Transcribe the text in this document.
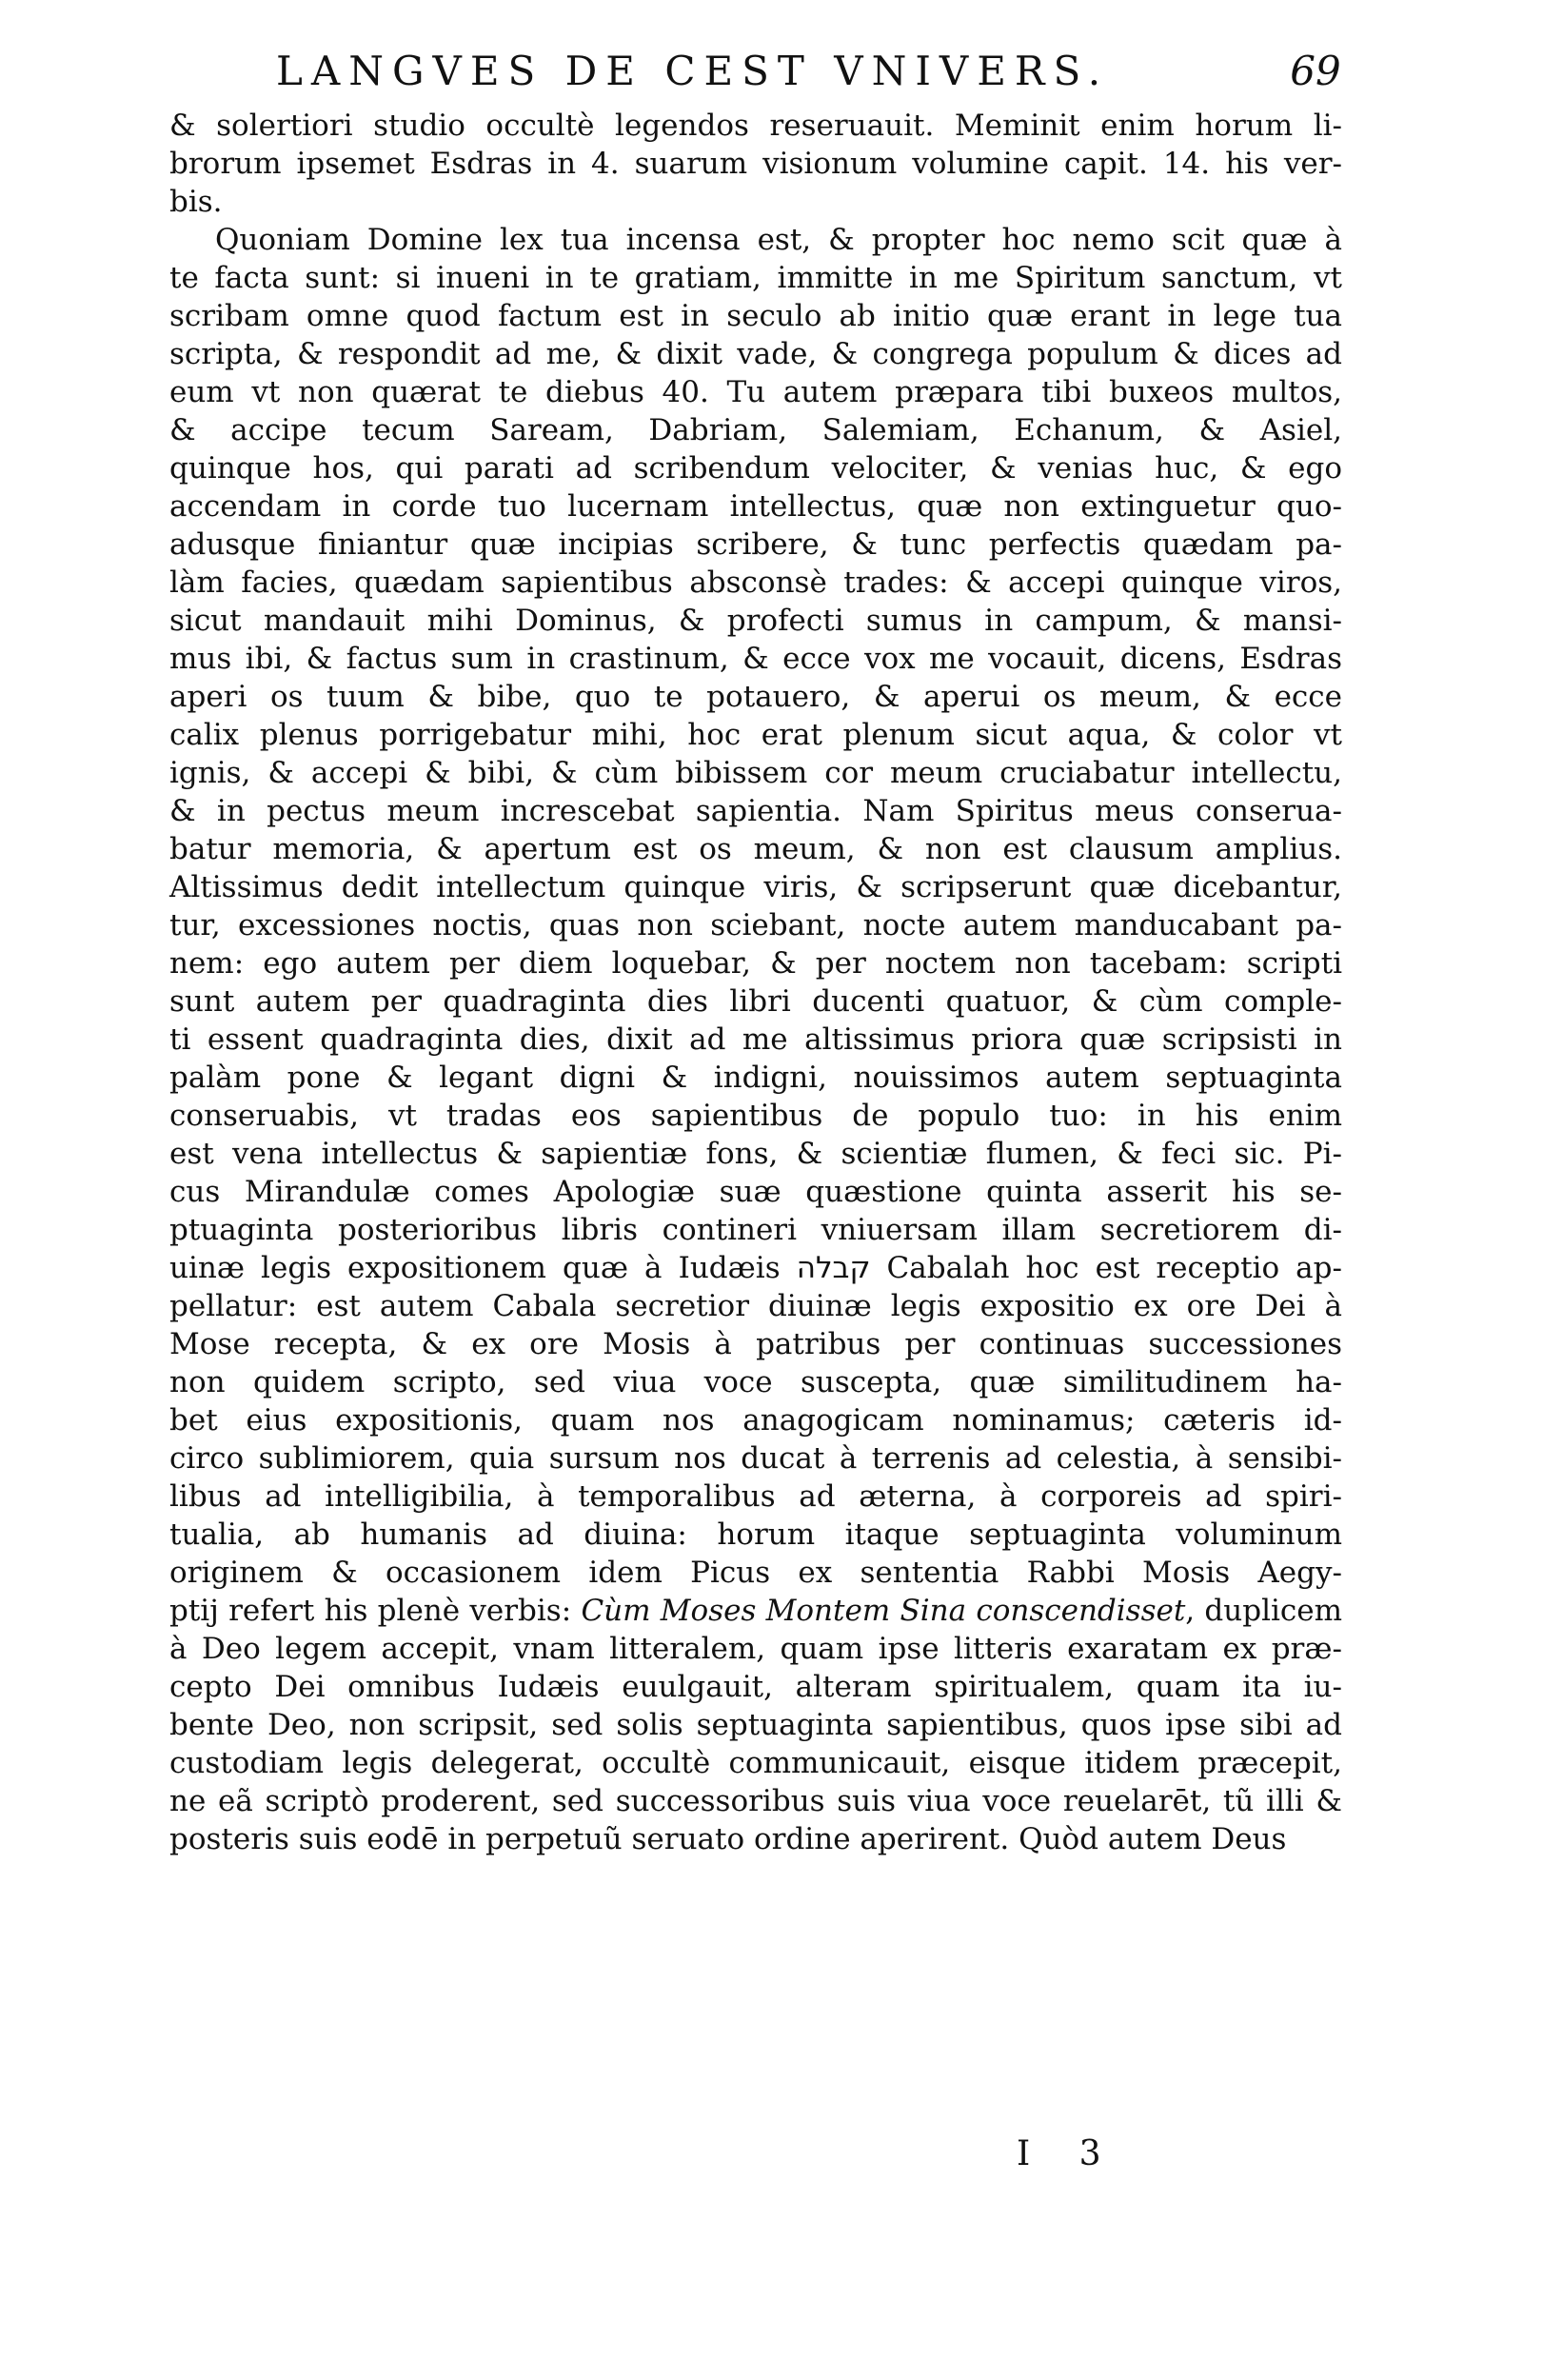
LANGVES DE CEST VNIVERS.	69
& solertiori studio occultè legendos reseruauit. Meminit enim horum li-
brorum ipsemet Esdras in 4. suarum visionum volumine capit. 14. his ver-
bis.
Quoniam Domine lex tua incensa est, & propter hoc nemo scit quæ à
te facta sunt: si inueni in te gratiam, immitte in me Spiritum sanctum, vt
scribam omne quod factum est in seculo ab initio quæ erant in lege tua
scripta, & respondit ad me, & dixit vade, & congrega populum & dices ad
eum vt non quærat te diebus 40. Tu autem præpara tibi buxeos multos,
& accipe tecum Saream, Dabriam, Salemiam, Echanum, & Asiel,
quinque hos, qui parati ad scribendum velociter, & venias huc, & ego
accendam in corde tuo lucernam intellectus, quæ non extinguetur quo-
adusque finiantur quæ incipias scribere, & tunc perfectis quædam pa-
làm facies, quædam sapientibus absconsè trades: & accepi quinque viros,
sicut mandauit mihi Dominus, & profecti sumus in campum, & mansi-
mus ibi, & factus sum in crastinum, & ecce vox me vocauit, dicens, Esdras
aperi os tuum & bibe, quo te potauero, & aperui os meum, & ecce
calix plenus porrigebatur mihi, hoc erat plenum sicut aqua, & color vt
ignis, & accepi & bibi, & cùm bibissem cor meum cruciabatur intellectu,
& in pectus meum increscebat sapientia. Nam Spiritus meus conserua-
batur memoria, & apertum est os meum, & non est clausum amplius.
Altissimus dedit intellectum quinque viris, & scripserunt quæ dicebantur,
tur, excessiones noctis, quas non sciebant, nocte autem manducabant pa-
nem: ego autem per diem loquebar, & per noctem non tacebam: scripti
sunt autem per quadraginta dies libri ducenti quatuor, & cùm comple-
ti essent quadraginta dies, dixit ad me altissimus priora quæ scripsisti in
palàm pone & legant digni & indigni, nouissimos autem septuaginta
conseruabis, vt tradas eos sapientibus de populo tuo: in his enim
est vena intellectus & sapientiæ fons, & scientiæ flumen, & feci sic. Pi-
cus Mirandulæ comes Apologiæ suæ quæstione quinta asserit his se-
ptuaginta posterioribus libris contineri vniuersam illam secretiorem di-
uinæ legis expositionem quæ à Iudæis קבלה Cabalah hoc est receptio ap-
pellatur: est autem Cabala secretior diuinæ legis expositio ex ore Dei à
Mose recepta, & ex ore Mosis à patribus per continuas successiones
non quidem scripto, sed viua voce suscepta, quæ similitudinem ha-
bet eius expositionis, quam nos anagogicam nominamus; cæteris id-
circo sublimiorem, quia sursum nos ducat à terrenis ad celestia, à sensibi-
libus ad intelligibilia, à temporalibus ad æterna, à corporeis ad spiri-
tualia, ab humanis ad diuina: horum itaque septuaginta voluminum
originem & occasionem idem Picus ex sententia Rabbi Mosis Aegy-
ptij refert his plenè verbis: Cùm Moses Montem Sina conscendisset, duplicem
à Deo legem accepit, vnam litteralem, quam ipse litteris exaratam ex præ-
cepto Dei omnibus Iudæis euulgauit, alteram spiritualem, quam ita iu-
bente Deo, non scripsit, sed solis septuaginta sapientibus, quos ipse sibi ad
custodiam legis delegerat, occultè communicauit, eisque itidem præcepit,
ne eã scriptò proderent, sed successoribus suis viua voce reuelarēt, tũ illi &
posteris suis eodē in perpetuũ seruato ordine aperirent. Quòd autem Deus
I 3
